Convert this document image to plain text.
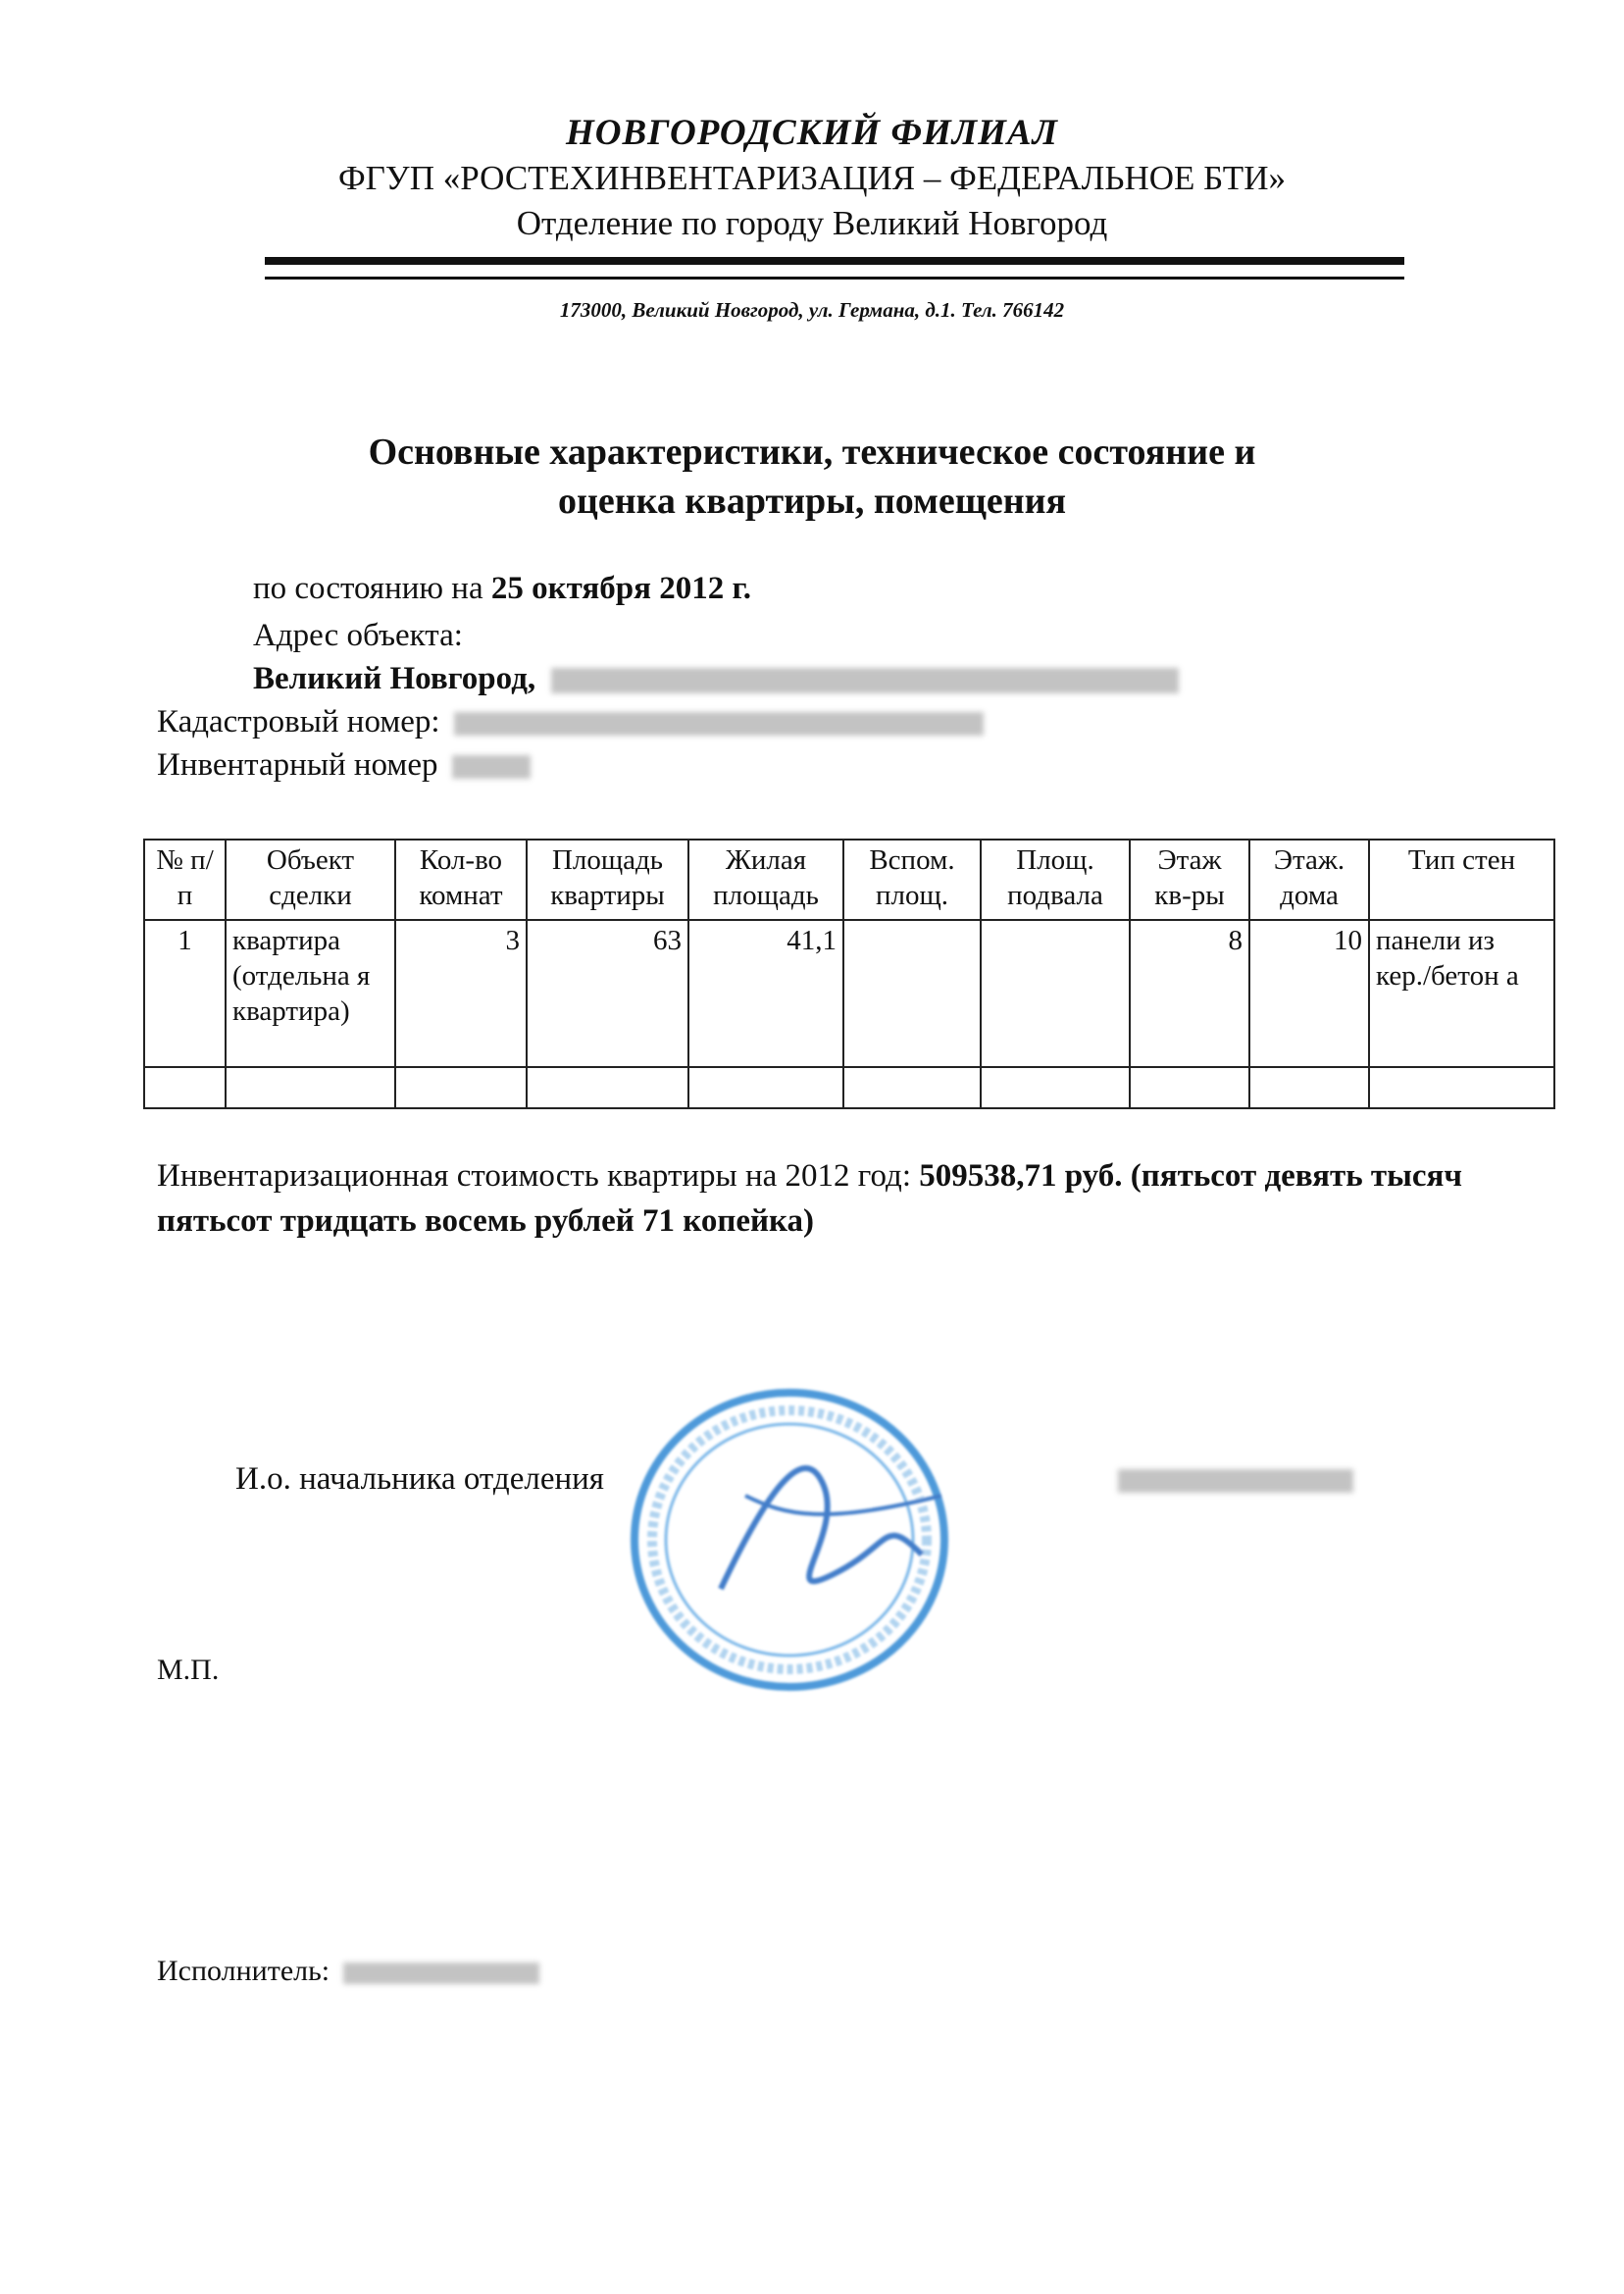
НОВГОРОДСКИЙ ФИЛИАЛ
ФГУП «РОСТЕХИНВЕНТАРИЗАЦИЯ – ФЕДЕРАЛЬНОЕ БТИ»
Отделение по городу Великий Новгород
173000, Великий Новгород, ул. Германа, д.1. Тел. 766142
Основные характеристики, техническое состояние и
оценка квартиры, помещения
по состоянию на 25 октября 2012 г.
Адрес объекта:
Великий Новгород,
Кадастровый номер:
Инвентарный номер
№ п/п	Объект сделки	Кол-во комнат	Площадь квартиры	Жилая площадь	Вспом. площ.	Площ. подвала	Этаж кв-ры	Этаж. дома	Тип стен
1	квартира (отдельна я квартира)	3	63	41,1			8	10	панели из кер./бетон а

Инвентаризационная стоимость квартиры на 2012 год: 509538,71 руб. (пятьсот девять тысяч пятьсот тридцать восемь рублей 71 копейка)
И.о. начальника отделения
М.П.
Исполнитель:
